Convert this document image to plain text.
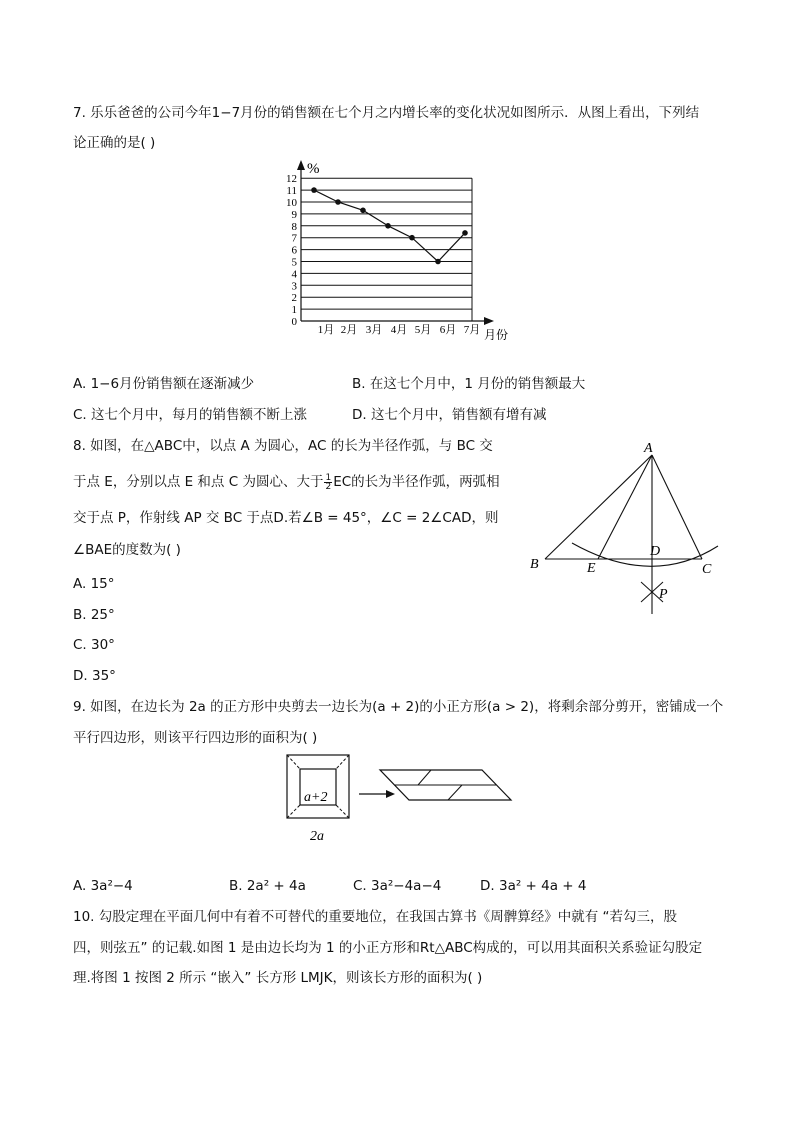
7. 乐乐爸爸的公司今年1−7月份的销售额在七个月之内增长率的变化状况如图所示．从图上看出，下列结
论正确的是( )
0
1
2
3
4
5
6
7
8
9
10
11
12
1月 2月 3月 4月 5月 6月 7月
%
月份
A. 1−6月份销售额在逐渐减少	B. 在这七个月中，1 月份的销售额最大
C. 这七个月中，每月的销售额不断上涨	D. 这七个月中，销售额有增有减
8. 如图，在△ABC中，以点 A 为圆心，AC 的长为半径作弧，与 BC 交
于点 E，分别以点 E 和点 C 为圆心、大于 $\frac{1}{2}$ EC的长为半径作弧，两弧相
交于点 P，作射线 AP 交 BC 于点D.若∠B = 45°，∠C = 2∠CAD，则
∠BAE的度数为( )
A. 15°
B. 25°
C. 30°
D. 35°
A
B	E
D
C
P
9. 如图，在边长为 2a 的正方形中央剪去一边长为(a + 2)的小正方形(a > 2)，将剩余部分剪开，密铺成一个
平行四边形，则该平行四边形的面积为( )
a+2
2a
A. 3a²−4	B. 2a² + 4a	C. 3a²−4a−4	D. 3a² + 4a + 4
10. 勾股定理在平面几何中有着不可替代的重要地位，在我国古算书《周髀算经》中就有 “若勾三，股
四，则弦五” 的记载.如图 1 是由边长均为 1 的小正方形和Rt△ABC构成的，可以用其面积关系验证勾股定
理.将图 1 按图 2 所示 “嵌入” 长方形 LMJK，则该长方形的面积为( )
